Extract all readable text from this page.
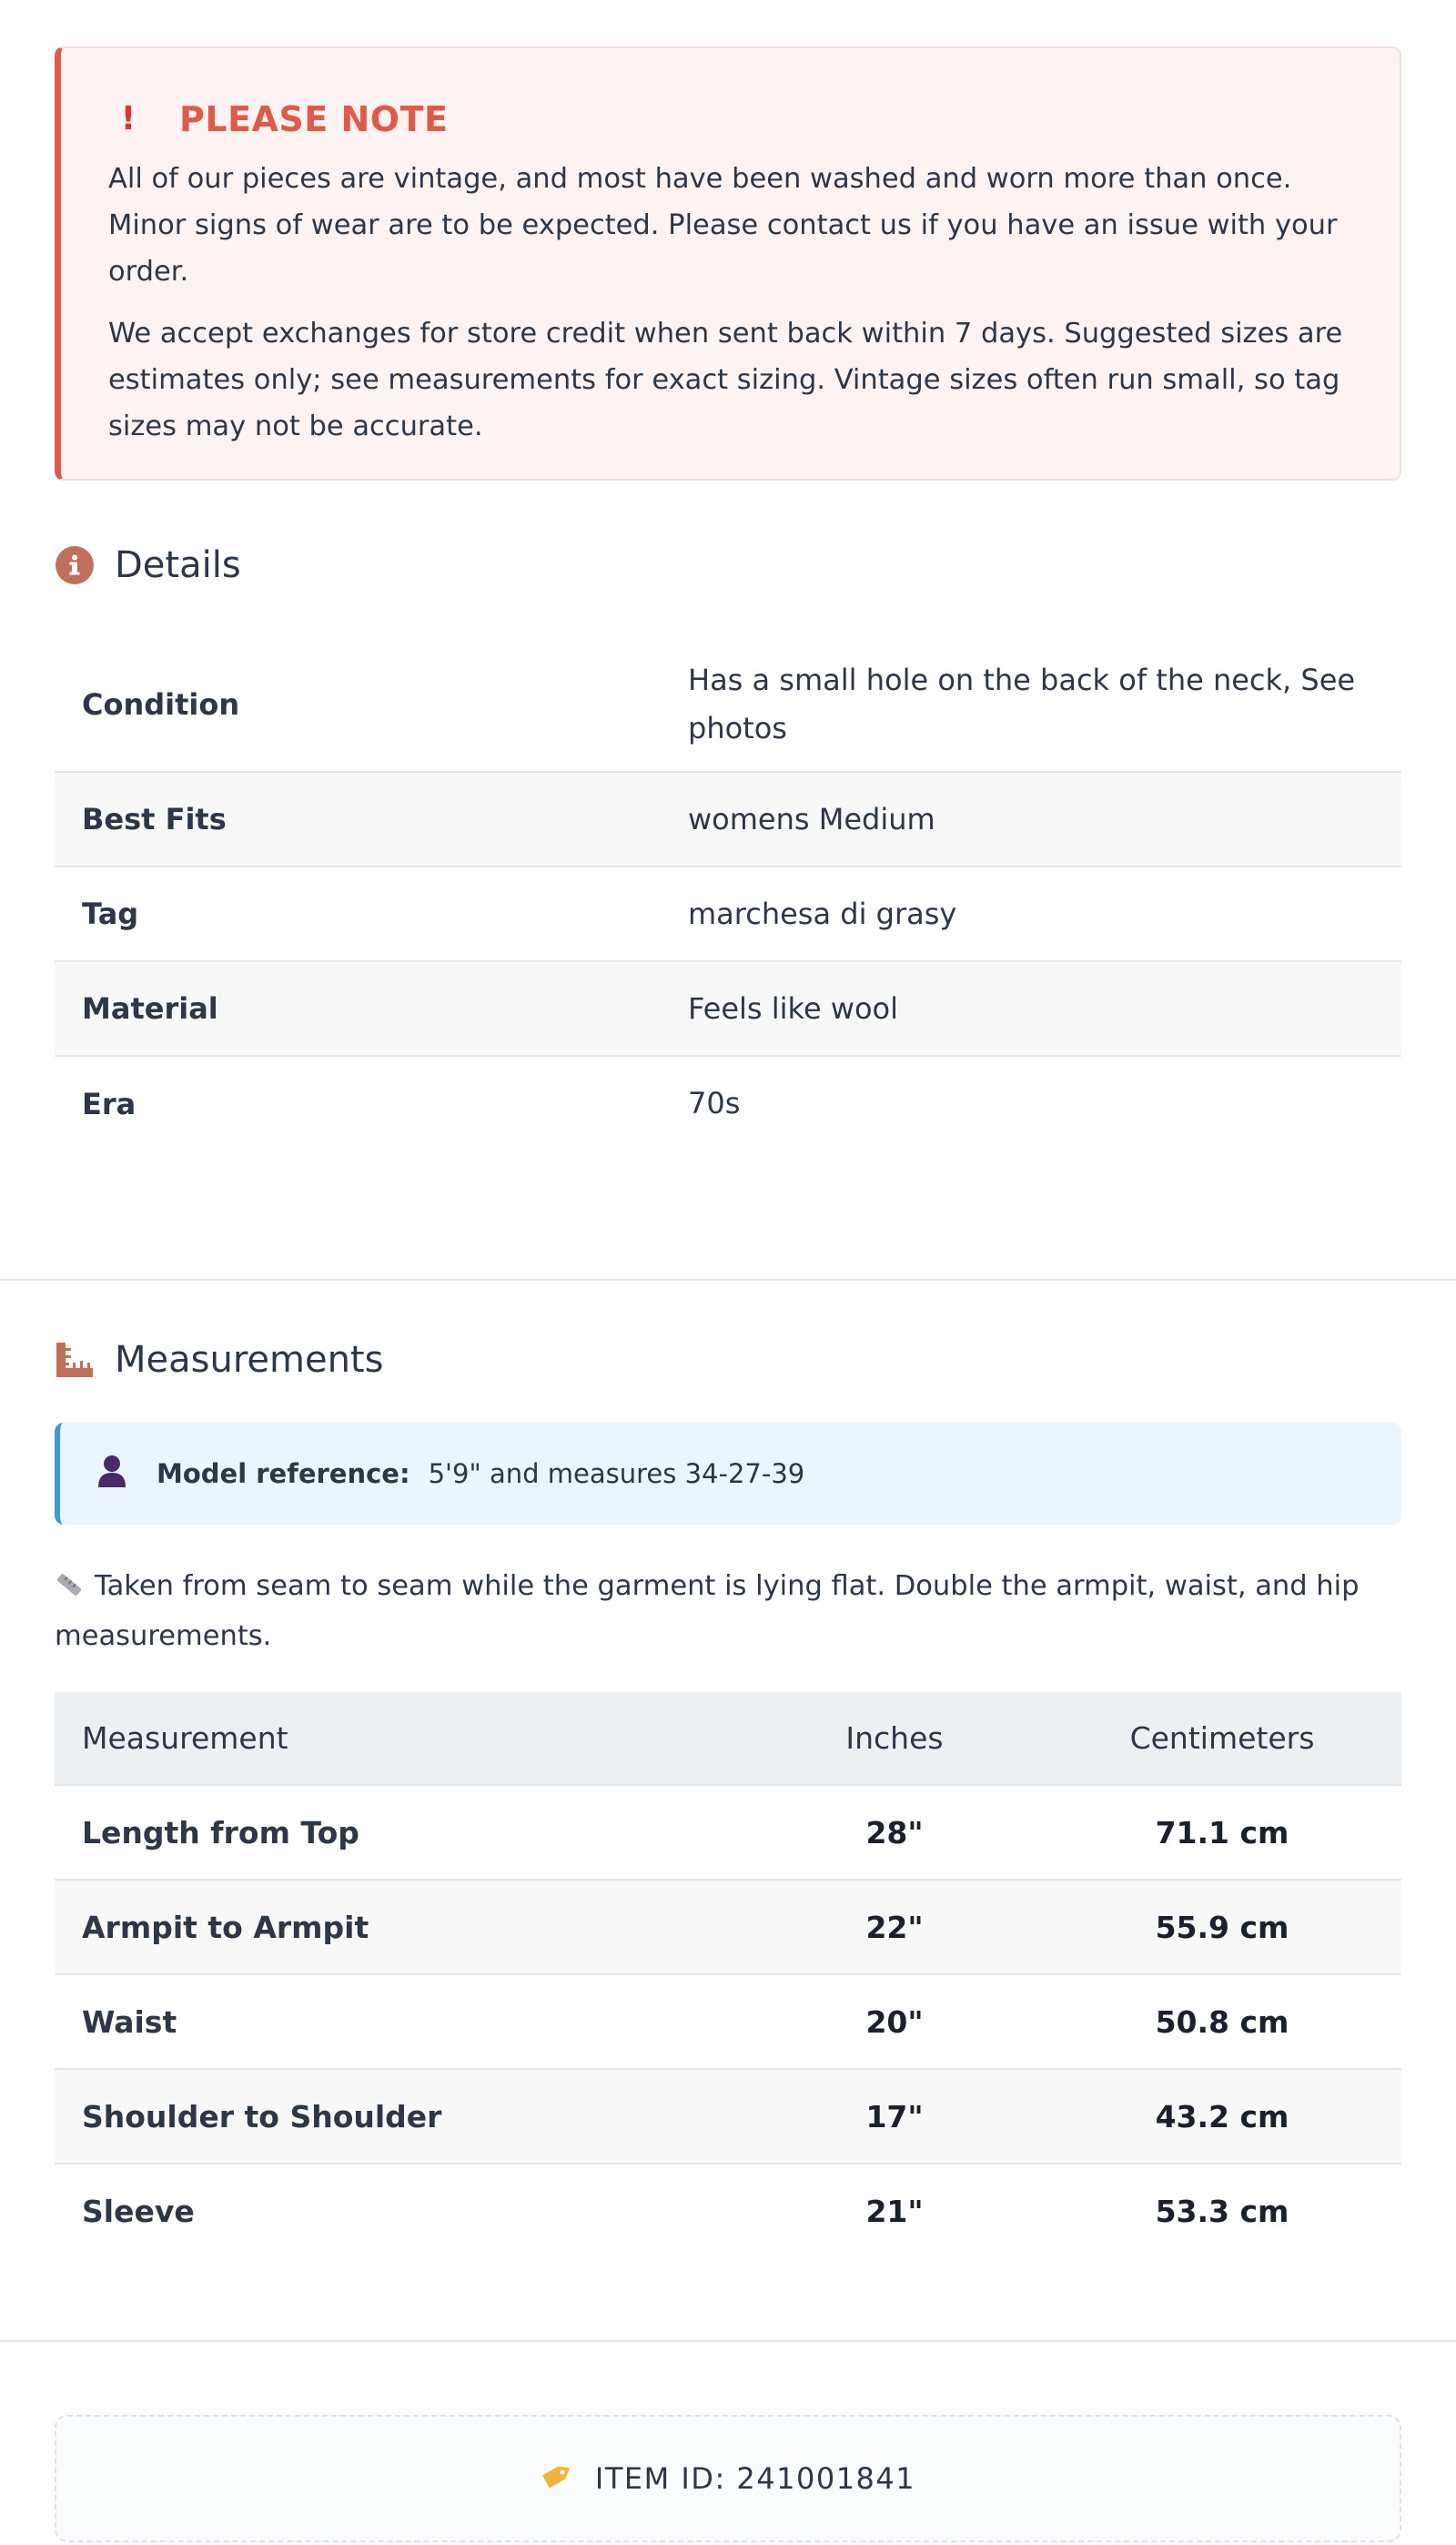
! PLEASE NOTE

All of our pieces are vintage, and most have been washed and worn more than once. Minor signs of wear are to be expected. Please contact us if you have an issue with your order.

We accept exchanges for store credit when sent back within 7 days. Suggested sizes are estimates only; see measurements for exact sizing. Vintage sizes often run small, so tag sizes may not be accurate.

Details
Condition	Has a small hole on the back of the neck, See photos
Best Fits	womens Medium
Tag	marchesa di grasy
Material	Feels like wool
Era	70s
Measurements
Model reference: 5'9" and measures 34-27-39
Taken from seam to seam while the garment is lying flat. Double the armpit, waist, and hip measurements.
Measurement	Inches	Centimeters
Length from Top	28"	71.1 cm
Armpit to Armpit	22"	55.9 cm
Waist	20"	50.8 cm
Shoulder to Shoulder	17"	43.2 cm
Sleeve	21"	53.3 cm
ITEM ID: 241001841
